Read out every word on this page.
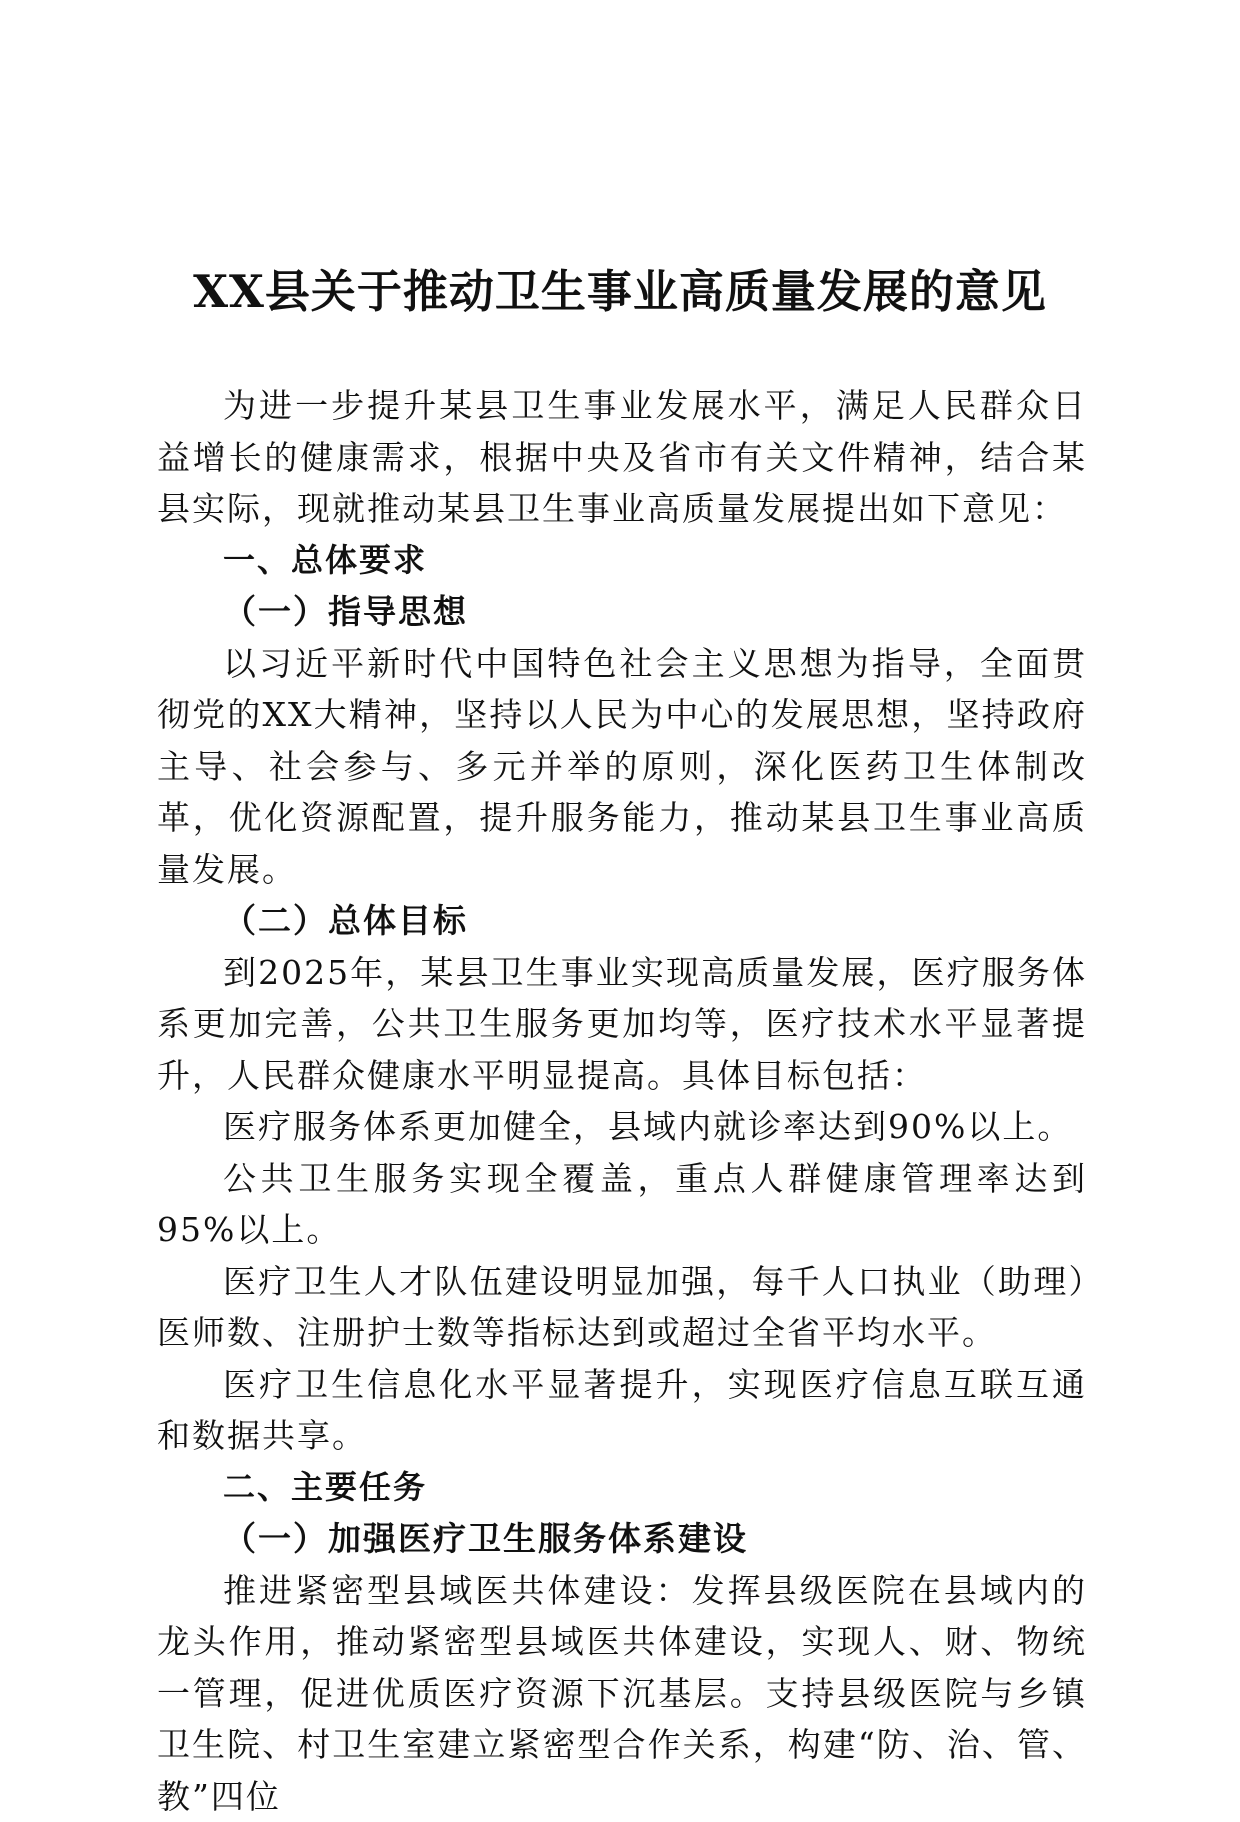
XX县关于推动卫生事业高质量发展的意见

为进一步提升某县卫生事业发展水平，满足人民群众日益增长的健康需求，根据中央及省市有关文件精神，结合某县实际，现就推动某县卫生事业高质量发展提出如下意见：

一、总体要求

（一）指导思想

以习近平新时代中国特色社会主义思想为指导，全面贯彻党的XX大精神，坚持以人民为中心的发展思想，坚持政府主导、社会参与、多元并举的原则，深化医药卫生体制改革，优化资源配置，提升服务能力，推动某县卫生事业高质量发展。

（二）总体目标

到2025年，某县卫生事业实现高质量发展，医疗服务体系更加完善，公共卫生服务更加均等，医疗技术水平显著提升，人民群众健康水平明显提高。具体目标包括：

医疗服务体系更加健全，县域内就诊率达到90%以上。

公共卫生服务实现全覆盖，重点人群健康管理率达到95%以上。

医疗卫生人才队伍建设明显加强，每千人口执业（助理）医师数、注册护士数等指标达到或超过全省平均水平。

医疗卫生信息化水平显著提升，实现医疗信息互联互通和数据共享。

二、主要任务

（一）加强医疗卫生服务体系建设

推进紧密型县域医共体建设：发挥县级医院在县域内的龙头作用，推动紧密型县域医共体建设，实现人、财、物统一管理，促进优质医疗资源下沉基层。支持县级医院与乡镇卫生院、村卫生室建立紧密型合作关系，构建“防、治、管、教”四位
